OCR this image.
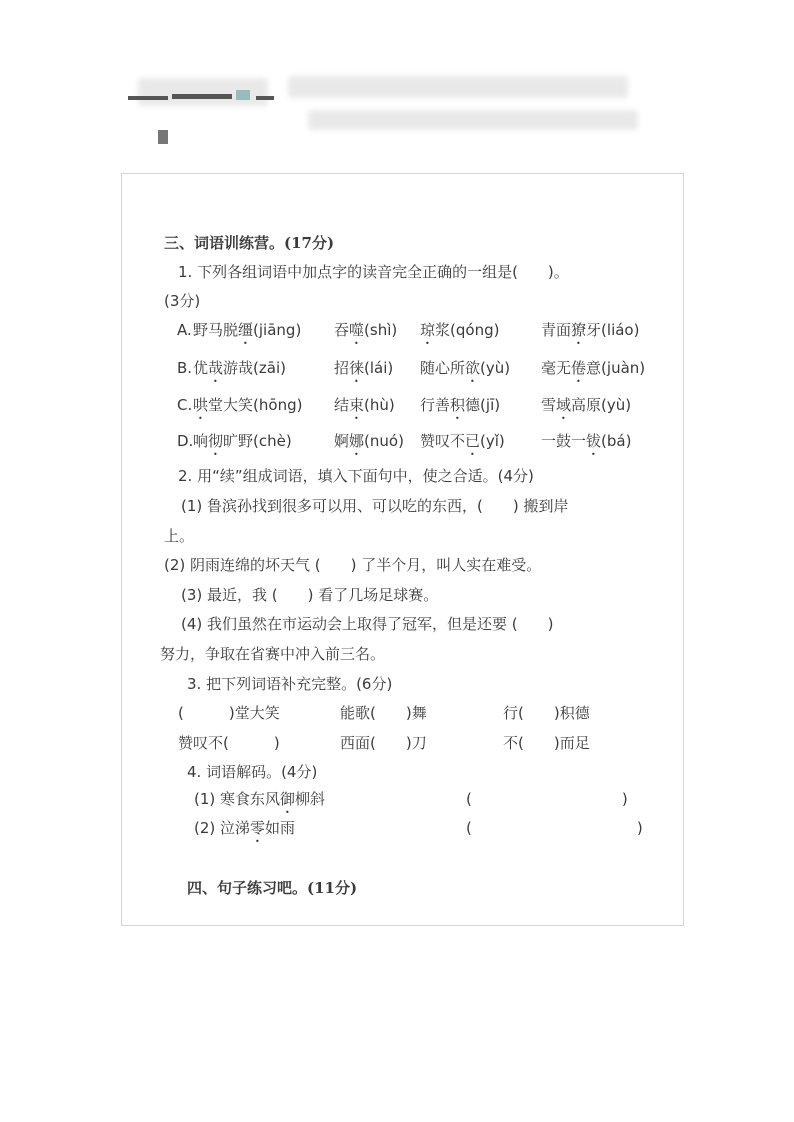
三、词语训练营。(17分)
1. 下列各组词语中加点字的读音完全正确的一组是(　　)。
(3分)
A. 野马脱缰(jiāng) 吞噬(shì) 琼浆(qóng)	青面獠牙(liáo)
B. 优哉游哉(zāi)	招徕(lái) 随心所欲(yù) 毫无倦意(juàn)
C. 哄堂大笑(hōng) 结束(hù) 行善积德(jī)	雪域高原(yù)
D. 响彻旷野(chè)	婀娜(nuó) 赞叹不已(yǐ) 一鼓一钹(bá)
2. 用“续”组成词语，填入下面句中，使之合适。(4分)
(1) 鲁滨孙找到很多可以用、可以吃的东西，(　　) 搬到岸
上。
(2) 阴雨连绵的坏天气 (　　) 了半个月，叫人实在难受。
(3) 最近，我 (　　) 看了几场足球赛。
(4) 我们虽然在市运动会上取得了冠军，但是还要 (　　)
努力，争取在省赛中冲入前三名。
3. 把下列词语补充完整。(6分)
(　　　)堂大笑	能歌(　　)舞	行(　　)积德
赞叹不(　　　)	西面(　　)刀	不(　　)而足
4. 词语解码。(4分)
(1) 寒食东风御柳斜	(　　　　　　　　　　)
(2) 泣涕零如雨	(　　　　　　　　　　　)
四、句子练习吧。(11分)
